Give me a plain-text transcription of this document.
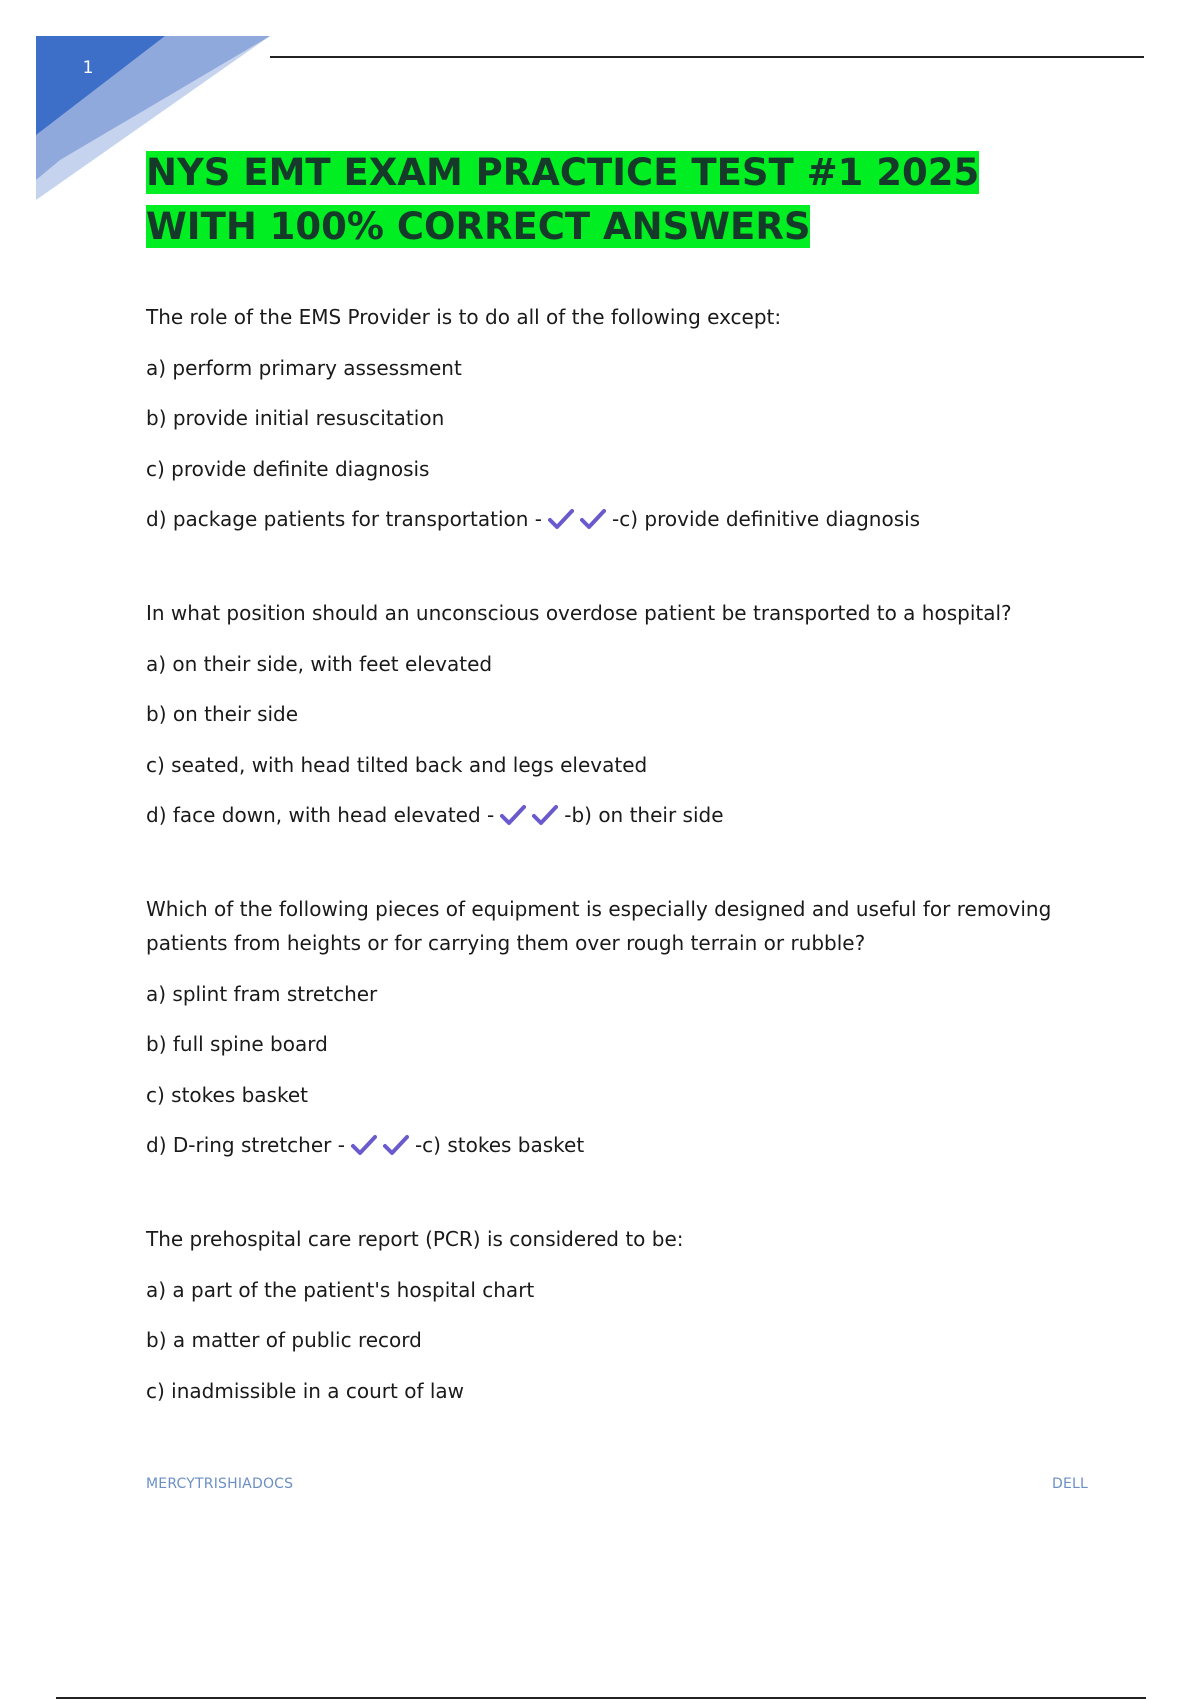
1
NYS EMT EXAM PRACTICE TEST #1 2025 WITH 100% CORRECT ANSWERS
The role of the EMS Provider is to do all of the following except:
a) perform primary assessment
b) provide initial resuscitation
c) provide definite diagnosis
d) package patients for transportation -	-c) provide definitive diagnosis
In what position should an unconscious overdose patient be transported to a hospital?
a) on their side, with feet elevated
b) on their side
c) seated, with head tilted back and legs elevated
d) face down, with head elevated -	-b) on their side
Which of the following pieces of equipment is especially designed and useful for removing patients from heights or for carrying them over rough terrain or rubble?
a) splint fram stretcher
b) full spine board
c) stokes basket
d) D-ring stretcher -	-c) stokes basket
The prehospital care report (PCR) is considered to be:
a) a part of the patient's hospital chart
b) a matter of public record
c) inadmissible in a court of law
MERCYTRISHIADOCS	DELL
